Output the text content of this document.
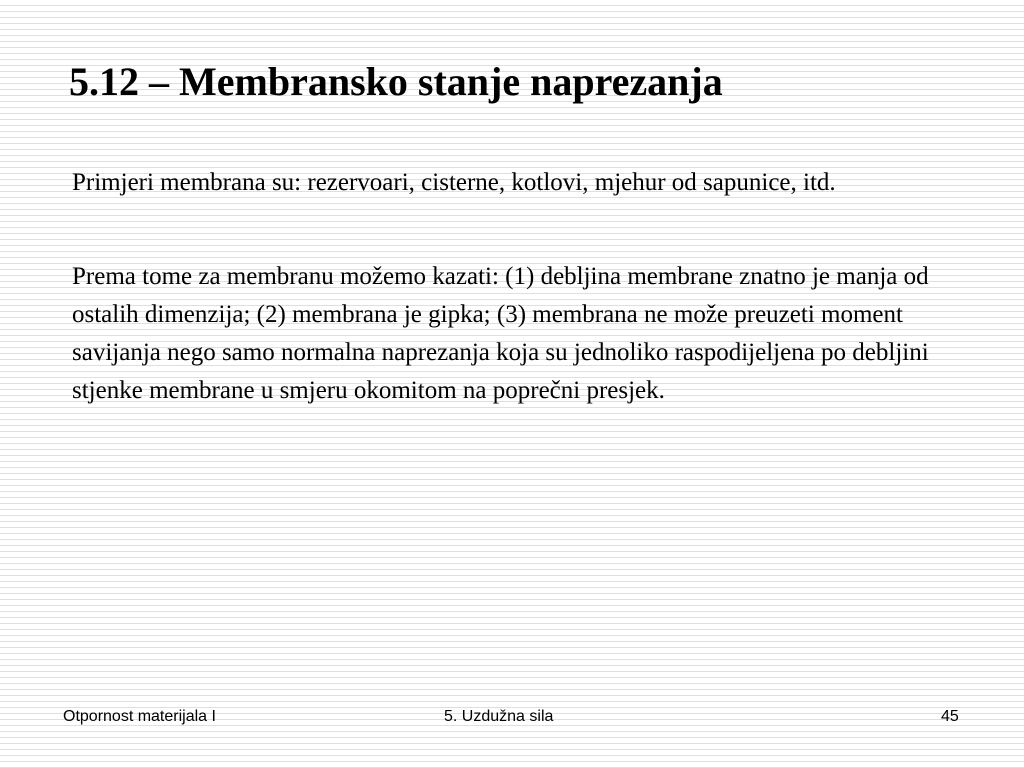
5.12 – Membransko stanje naprezanja

Primjeri membrana su: rezervoari, cisterne, kotlovi, mjehur od sapunice, itd.

Prema tome za membranu možemo kazati: (1) debljina membrane znatno je manja od ostalih dimenzija; (2) membrana je gipka; (3) membrana ne može preuzeti moment savijanja nego samo normalna naprezanja koja su jednoliko raspodijeljena po debljini stjenke membrane u smjeru okomitom na poprečni presjek.

Otpornost materijala I	5. Uzdužna sila	45
